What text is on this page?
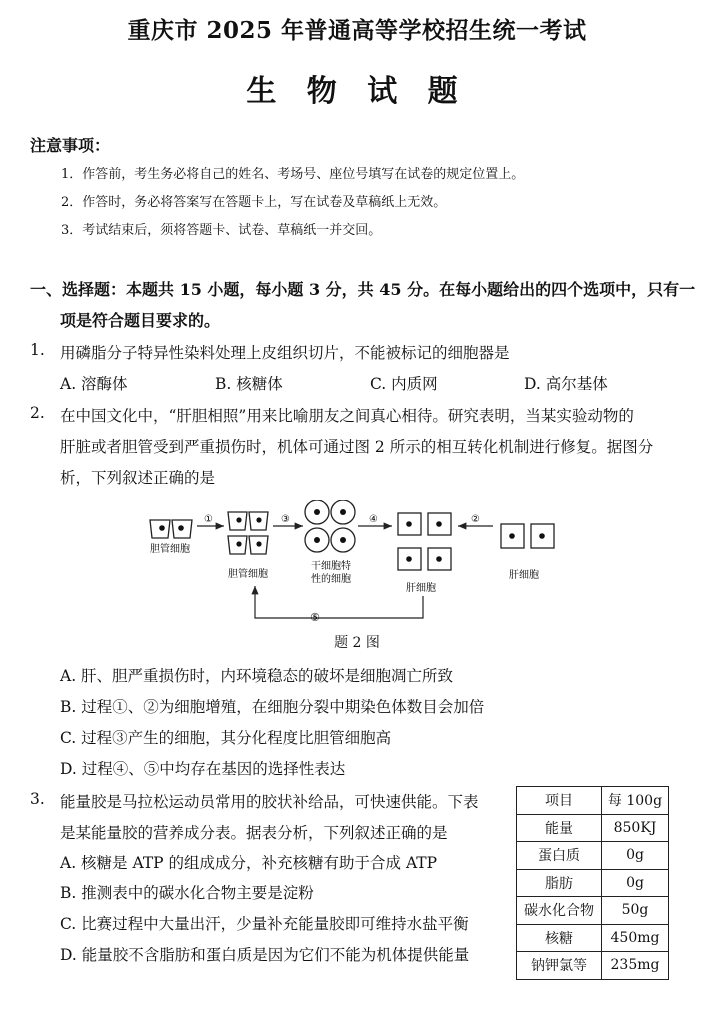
重庆市 2025 年普通高等学校招生统一考试
生 物 试 题
注意事项：
1．作答前，考生务必将自己的姓名、考场号、座位号填写在试卷的规定位置上。
2．作答时，务必将答案写在答题卡上，写在试卷及草稿纸上无效。
3．考试结束后，须将答题卡、试卷、草稿纸一并交回。
一、选择题：本题共 15 小题，每小题 3 分，共 45 分。在每小题给出的四个选项中，只有一
项是符合题目要求的。
1. 用磷脂分子特异性染料处理上皮组织切片，不能被标记的细胞器是
A. 溶酶体	B. 核糖体	C. 内质网	D. 高尔基体
2. 在中国文化中，“肝胆相照”用来比喻朋友之间真心相待。研究表明，当某实验动物的
肝脏或者胆管受到严重损伤时，机体可通过图 2 所示的相互转化机制进行修复。据图分
析，下列叙述正确的是
胆管细胞
①
胆管细胞
③
干细胞特
性的细胞
④
肝细胞
②
肝细胞
⑤
题 2 图
A. 肝、胆严重损伤时，内环境稳态的破坏是细胞凋亡所致
B. 过程①、②为细胞增殖，在细胞分裂中期染色体数目会加倍
C. 过程③产生的细胞，其分化程度比胆管细胞高
D. 过程④、⑤中均存在基因的选择性表达
3. 能量胶是马拉松运动员常用的胶状补给品，可快速供能。下表
是某能量胶的营养成分表。据表分析，下列叙述正确的是
A. 核糖是 ATP 的组成成分，补充核糖有助于合成 ATP
B. 推测表中的碳水化合物主要是淀粉
C. 比赛过程中大量出汗，少量补充能量胶即可维持水盐平衡
D. 能量胶不含脂肪和蛋白质是因为它们不能为机体提供能量
项目	每 100g
能量	850KJ
蛋白质	0g
脂肪	0g
碳水化合物	50g
核糖	450mg
钠钾氯等	235mg
